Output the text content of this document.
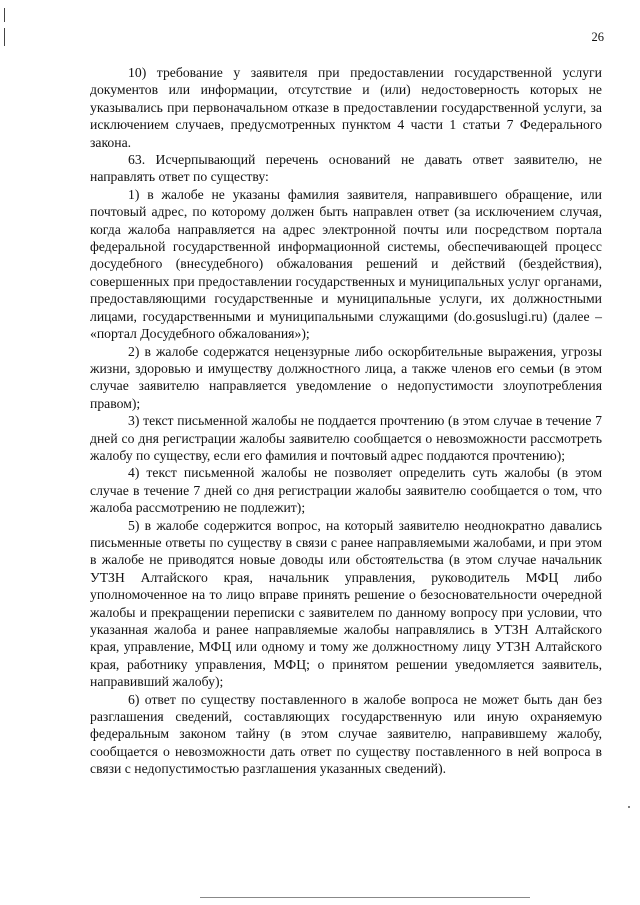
26

10) требование у заявителя при предоставлении государственной услуги документов или информации, отсутствие и (или) недостоверность которых не указывались при первоначальном отказе в предоставлении государственной услуги, за исключением случаев, предусмотренных пунктом 4 части 1 статьи 7 Федерального закона.

63. Исчерпывающий перечень оснований не давать ответ заявителю, не направлять ответ по существу:

1) в жалобе не указаны фамилия заявителя, направившего обращение, или почтовый адрес, по которому должен быть направлен ответ (за исключением случая, когда жалоба направляется на адрес электронной почты или посредством портала федеральной государственной информационной системы, обеспечивающей процесс досудебного (внесудебного) обжалования решений и действий (бездействия), совершенных при предоставлении государственных и муниципальных услуг органами, предоставляющими государственные и муниципальные услуги, их должностными лицами, государственными и муниципальными служащими (do.gosuslugi.ru) (далее – «портал Досудебного обжалования»);

2) в жалобе содержатся нецензурные либо оскорбительные выражения, угрозы жизни, здоровью и имуществу должностного лица, а также членов его семьи (в этом случае заявителю направляется уведомление о недопустимости злоупотребления правом);

3) текст письменной жалобы не поддается прочтению (в этом случае в течение 7 дней со дня регистрации жалобы заявителю сообщается о невозможности рассмотреть жалобу по существу, если его фамилия и почтовый адрес поддаются прочтению);

4) текст письменной жалобы не позволяет определить суть жалобы (в этом случае в течение 7 дней со дня регистрации жалобы заявителю сообщается о том, что жалоба рассмотрению не подлежит);

5) в жалобе содержится вопрос, на который заявителю неоднократно давались письменные ответы по существу в связи с ранее направляемыми жалобами, и при этом в жалобе не приводятся новые доводы или обстоятельства (в этом случае начальник УТЗН Алтайского края, начальник управления, руководитель МФЦ либо уполномоченное на то лицо вправе принять решение о безосновательности очередной жалобы и прекращении переписки с заявителем по данному вопросу при условии, что указанная жалоба и ранее направляемые жалобы направлялись в УТЗН Алтайского края, управление, МФЦ или одному и тому же должностному лицу УТЗН Алтайского края, работнику управления, МФЦ; о принятом решении уведомляется заявитель, направивший жалобу);

6) ответ по существу поставленного в жалобе вопроса не может быть дан без разглашения сведений, составляющих государственную или иную охраняемую федеральным законом тайну (в этом случае заявителю, направившему жалобу, сообщается о невозможности дать ответ по существу поставленного в ней вопроса в связи с недопустимостью разглашения указанных сведений).
